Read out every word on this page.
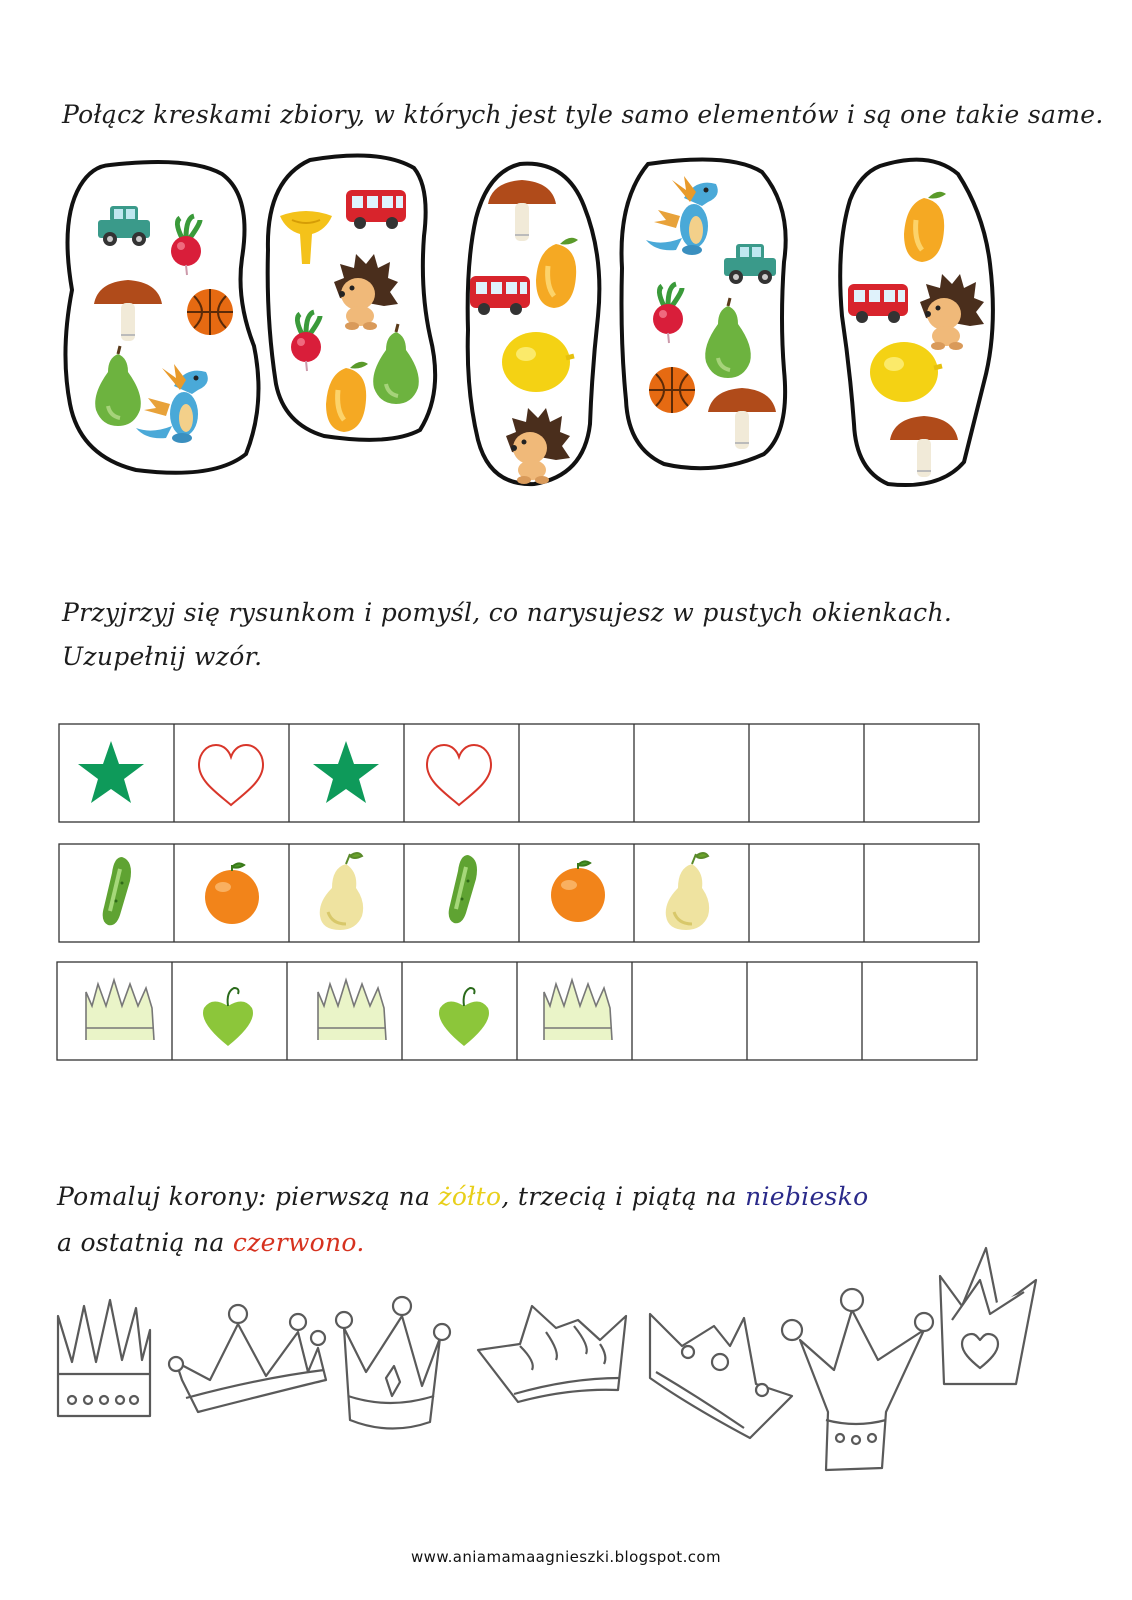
Połącz kreskami zbiory, w których jest tyle samo elementów i są one takie same.
Przyjrzyj się rysunkom i pomyśl, co narysujesz w pustych okienkach.
Uzupełnij wzór.
Pomaluj korony: pierwszą na żółto, trzecią i piątą na niebiesko
a ostatnią na czerwono.
www.aniamamaagnieszki.blogspot.com
